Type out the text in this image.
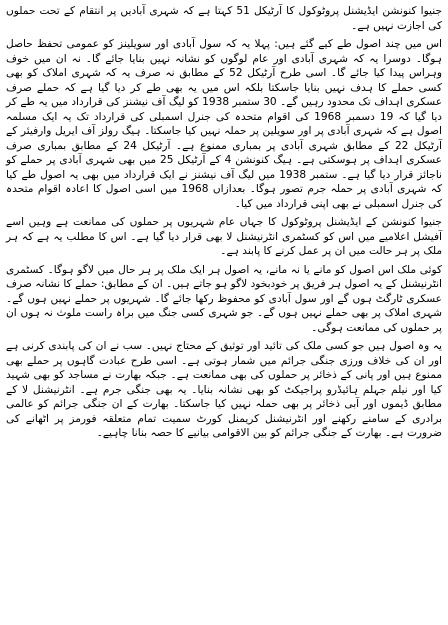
جنیوا کنونشن ایڈیشنل پروٹوکول کا آرٹیکل 51 کہتا ہے کہ شہری آبادیں پر انتقام کے تحت حملوں کی اجازت نہیں ہے۔

اس میں چند اصول طے کیے گئے ہیں: پہلا یہ کہ سول آبادی اور سویلینز کو عمومی تحفظ حاصل ہوگا۔ دوسرا یہ کہ شہری آبادی اور عام لوگوں کو نشانہ نہیں بنایا جائے گا۔ نہ ان میں خوف وہراس پیدا کیا جائے گا۔ اسی طرح آرٹیکل 52 کے مطابق نہ صرف یہ کہ شہری املاک کو بھی کسی حملے کا ہدف نہیں بنایا جاسکتا بلکہ اس میں یہ بھی طے کر دیا گیا ہے کہ حملے صرف عسکری اہداف تک محدود رہیں گے۔ 30 ستمبر 1938 کو لیگ آف نیشنز کی قرارداد میں یہ طے کر دیا گیا کہ 19 دسمبر 1968 کی اقوام متحدہ کی جنرل اسمبلی کی قرارداد تک یہ ایک مسلمہ اصول ہے کہ شہری آبادی پر اور سویلین پر حملہ نہیں کیا جاسکتا۔ ہیگ رولز آف ایریل وارفیئر کے آرٹیکل 22 کے مطابق شہری آبادی پر بمباری ممنوع ہے۔ آرٹیکل 24 کے مطابق بمباری صرف عسکری اہداف پر ہوسکتی ہے۔ ہیگ کنونشن 4 کے آرٹیکل 25 میں بھی شہری آبادی پر حملے کو ناجائز قرار دیا گیا ہے۔ ستمبر 1938 میں لیگ آف نیشنز نے ایک قرارداد میں بھی یہ اصول طے کیا کہ شہری آبادی پر حملہ جرم تصور ہوگا۔ بعدازاں 1968 میں اسی اصول کا اعادہ اقوام متحدہ کی جنرل اسمبلی نے بھی اپنی قرارداد میں کیا۔

جنیوا کنونشن کے ایڈیشنل پروٹوکول کا جہاں عام شہریوں پر حملوں کی ممانعت ہے وہیں اسے آفیشل اعلامیے میں اس کو کسٹمری انٹرنیشنل لا بھی قرار دیا گیا ہے۔ اس کا مطلب یہ ہے کہ ہر ملک پر ہر حالت میں ان پر عمل کرنے کا پابند ہے۔

کوئی ملک اس اصول کو مانے یا نہ مانے، یہ اصول ہر ایک ملک پر ہر حال میں لاگو ہوگا۔ کسٹمری انٹرنیشنل کے یہ اصول ہر فریق پر خودبخود لاگو ہو جاتے ہیں۔ ان کے مطابق: حملے کا نشانہ صرف عسکری ٹارگٹ ہوں گے اور سول آبادی کو محفوظ رکھا جائے گا۔ شہریوں پر حملے نہیں ہوں گے۔ شہری املاک پر بھی حملے نہیں ہوں گے۔ جو شہری کسی جنگ میں براہ راست ملوث نہ ہوں ان پر حملوں کی ممانعت ہوگی۔

یہ وہ اصول ہیں جو کسی ملک کی تائید اور توثیق کے محتاج نہیں۔ سب نے ان کی پابندی کرنی ہے اور ان کی خلاف ورزی جنگی جرائم میں شمار ہوتی ہے۔ اسی طرح عبادت گاہوں پر حملے بھی ممنوع ہیں اور پانی کے ذخائر پر حملوں کی بھی ممانعت ہے۔ جبکہ بھارت نے مساجد کو بھی شہید کیا اور نیلم جہلم ہائیڈرو پراجیکٹ کو بھی نشانہ بنایا۔ یہ بھی جنگی جرم ہے۔ انٹرنیشنل لا کے مطابق ڈیموں اور آبی ذخائر پر بھی حملہ نہیں کیا جاسکتا۔ بھارت کے ان جنگی جرائم کو عالمی برادری کے سامنے رکھنے اور انٹرنیشنل کریمنل کورٹ سمیت تمام متعلقہ فورمز پر اٹھانے کی ضرورت ہے۔ بھارت کے جنگی جرائم کو بین الاقوامی بیانیے کا حصہ بنانا چاہیے۔
